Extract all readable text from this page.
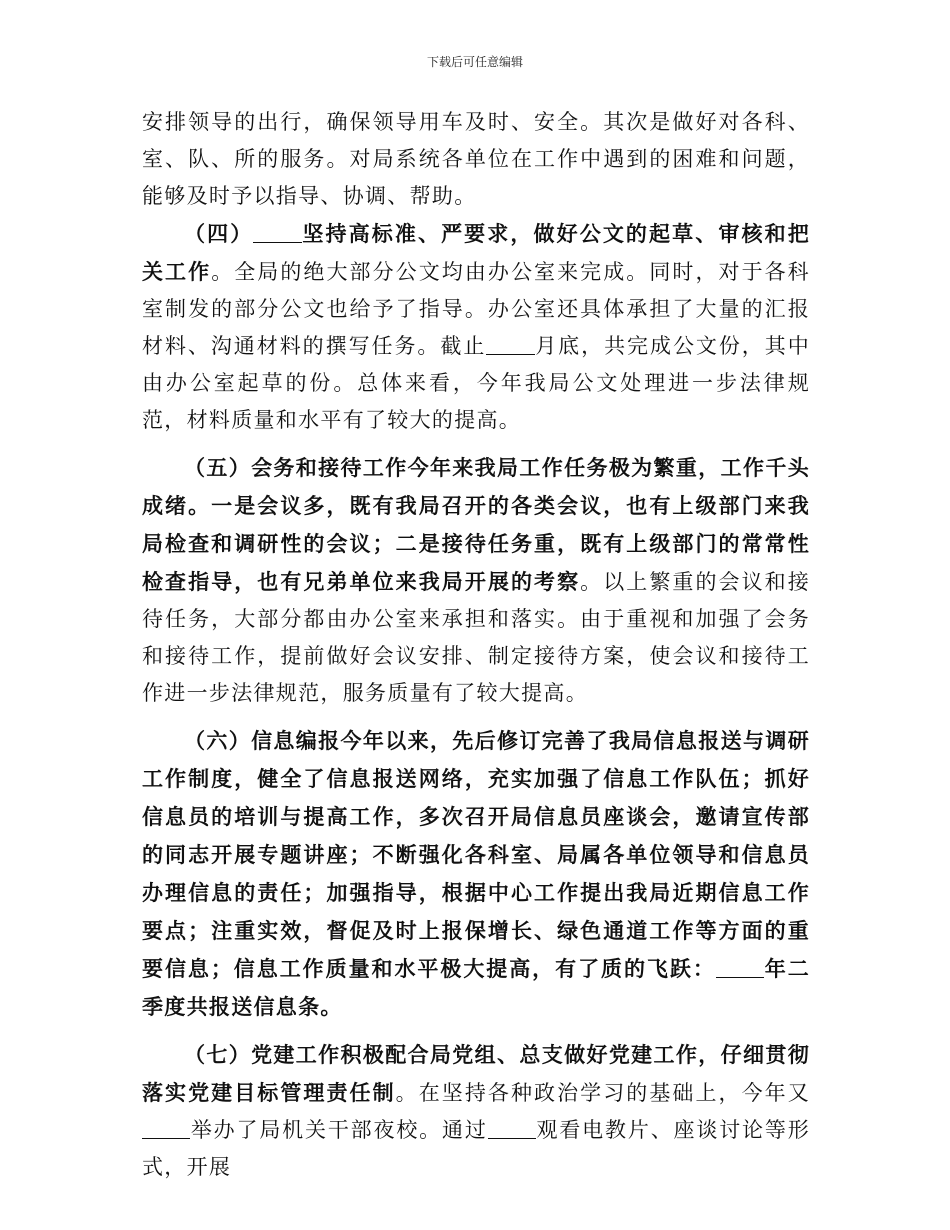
下载后可任意编辑

安排领导的出行，确保领导用车及时、安全。其次是做好对各科、室、队、所的服务。对局系统各单位在工作中遇到的困难和问题，能够及时予以指导、协调、帮助。

（四） 坚持高标准、严要求，做好公文的起草、审核和把关工作。全局的绝大部分公文均由办公室来完成。同时，对于各科室制发的部分公文也给予了指导。办公室还具体承担了大量的汇报材料、沟通材料的撰写任务。截止 月底，共完成公文份，其中由办公室起草的份。总体来看，今年我局公文处理进一步法律规范，材料质量和水平有了较大的提高。

（五）会务和接待工作今年来我局工作任务极为繁重，工作千头成绪。一是会议多，既有我局召开的各类会议，也有上级部门来我局检查和调研性的会议；二是接待任务重，既有上级部门的常常性检查指导，也有兄弟单位来我局开展的考察。以上繁重的会议和接待任务，大部分都由办公室来承担和落实。由于重视和加强了会务和接待工作，提前做好会议安排、制定接待方案，使会议和接待工作进一步法律规范，服务质量有了较大提高。

（六）信息编报今年以来，先后修订完善了我局信息报送与调研工作制度，健全了信息报送网络，充实加强了信息工作队伍；抓好信息员的培训与提高工作，多次召开局信息员座谈会，邀请宣传部的同志开展专题讲座；不断强化各科室、局属各单位领导和信息员办理信息的责任；加强指导，根据中心工作提出我局近期信息工作要点；注重实效，督促及时上报保增长、绿色通道工作等方面的重要信息；信息工作质量和水平极大提高，有了质的飞跃： 年二季度共报送信息条。

（七）党建工作积极配合局党组、总支做好党建工作，仔细贯彻落实党建目标管理责任制。在坚持各种政治学习的基础上，今年又举办了局机关干部夜校。通过 观看电教片、座谈讨论等形式，开展
